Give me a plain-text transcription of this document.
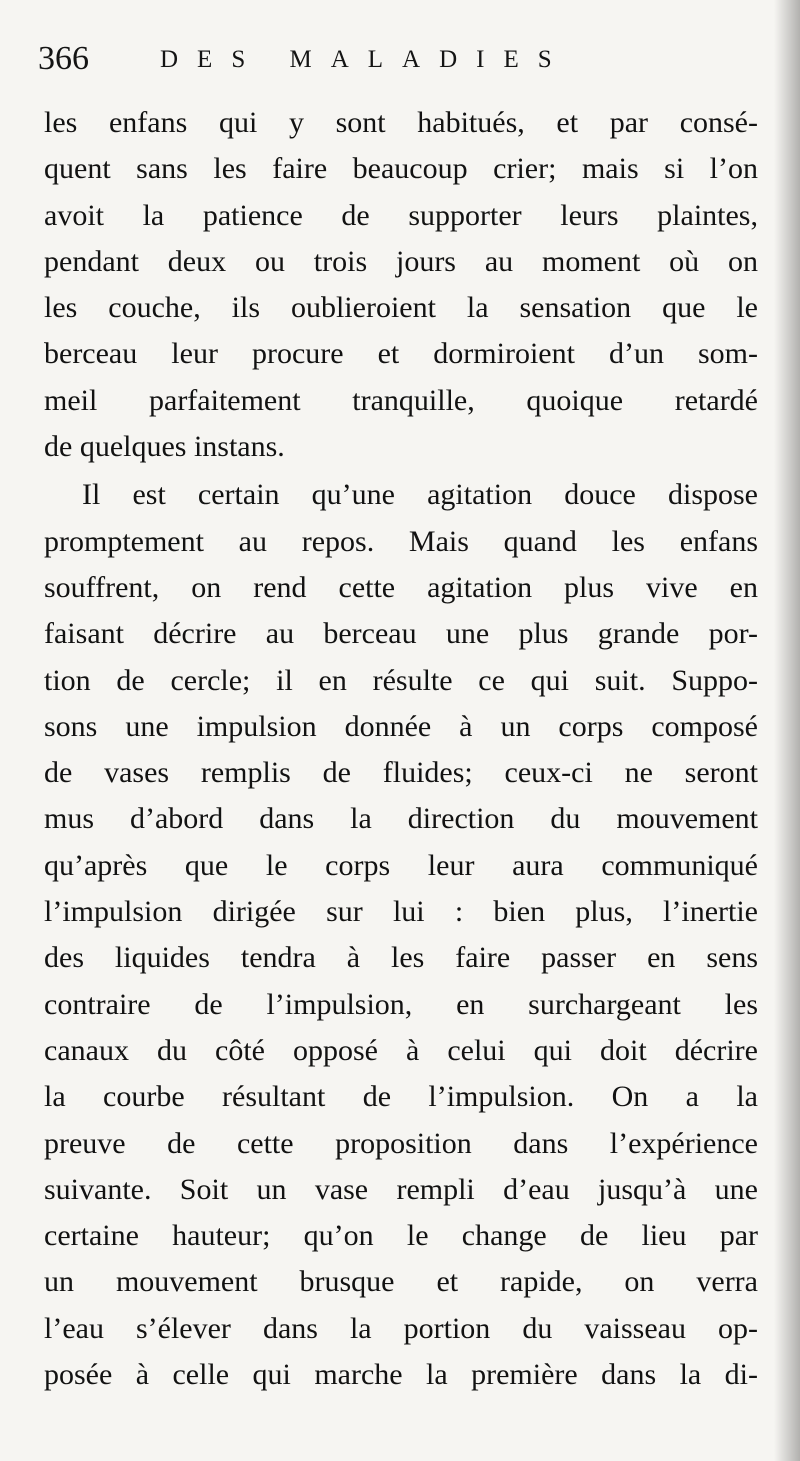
366	DES MALADIES
les enfans qui y sont habitués, et par consé-
quent sans les faire beaucoup crier; mais si l’on
avoit la patience de supporter leurs plaintes,
pendant deux ou trois jours au moment où on
les couche, ils oublieroient la sensation que le
berceau leur procure et dormiroient d’un som-
meil parfaitement tranquille, quoique retardé
de quelques instans.
Il est certain qu’une agitation douce dispose
promptement au repos. Mais quand les enfans
souffrent, on rend cette agitation plus vive en
faisant décrire au berceau une plus grande por-
tion de cercle; il en résulte ce qui suit. Suppo-
sons une impulsion donnée à un corps composé
de vases remplis de fluides; ceux-ci ne seront
mus d’abord dans la direction du mouvement
qu’après que le corps leur aura communiqué
l’impulsion dirigée sur lui : bien plus, l’inertie
des liquides tendra à les faire passer en sens
contraire de l’impulsion, en surchargeant les
canaux du côté opposé à celui qui doit décrire
la courbe résultant de l’impulsion. On a la
preuve de cette proposition dans l’expérience
suivante. Soit un vase rempli d’eau jusqu’à une
certaine hauteur; qu’on le change de lieu par
un mouvement brusque et rapide, on verra
l’eau s’élever dans la portion du vaisseau op-
posée à celle qui marche la première dans la di-
